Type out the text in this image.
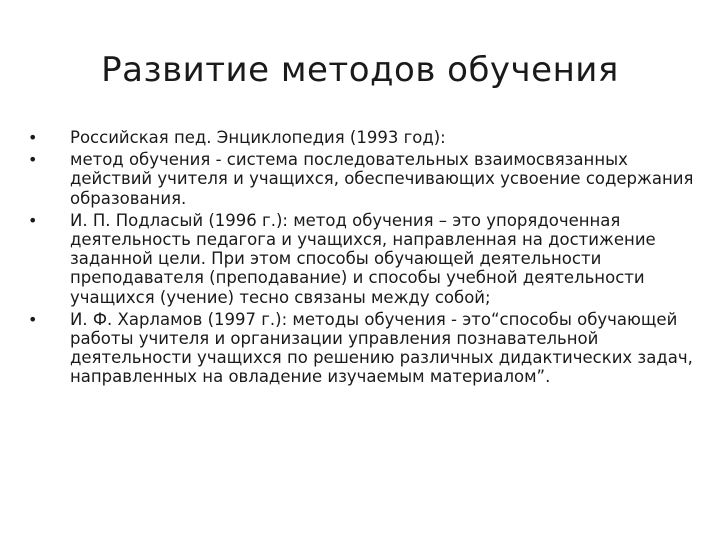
Развитие методов обучения
• Российская пед. Энциклопедия (1993 год):
• метод обучения - система последовательных взаимосвязанных действий учителя и учащихся, обеспечивающих усвоение содержания образования.
• И. П. Подласый (1996 г.): метод обучения – это упорядоченная деятельность педагога и учащихся, направленная на достижение заданной цели. При этом способы обучающей деятельности преподавателя (преподавание) и способы учебной деятельности учащихся (учение) тесно связаны между собой;
• И. Ф. Харламов (1997 г.): методы обучения - это“способы обучающей работы учителя и организации управления познавательной деятельности учащихся по решению различных дидактических задач, направленных на овладение изучаемым материалом”.
